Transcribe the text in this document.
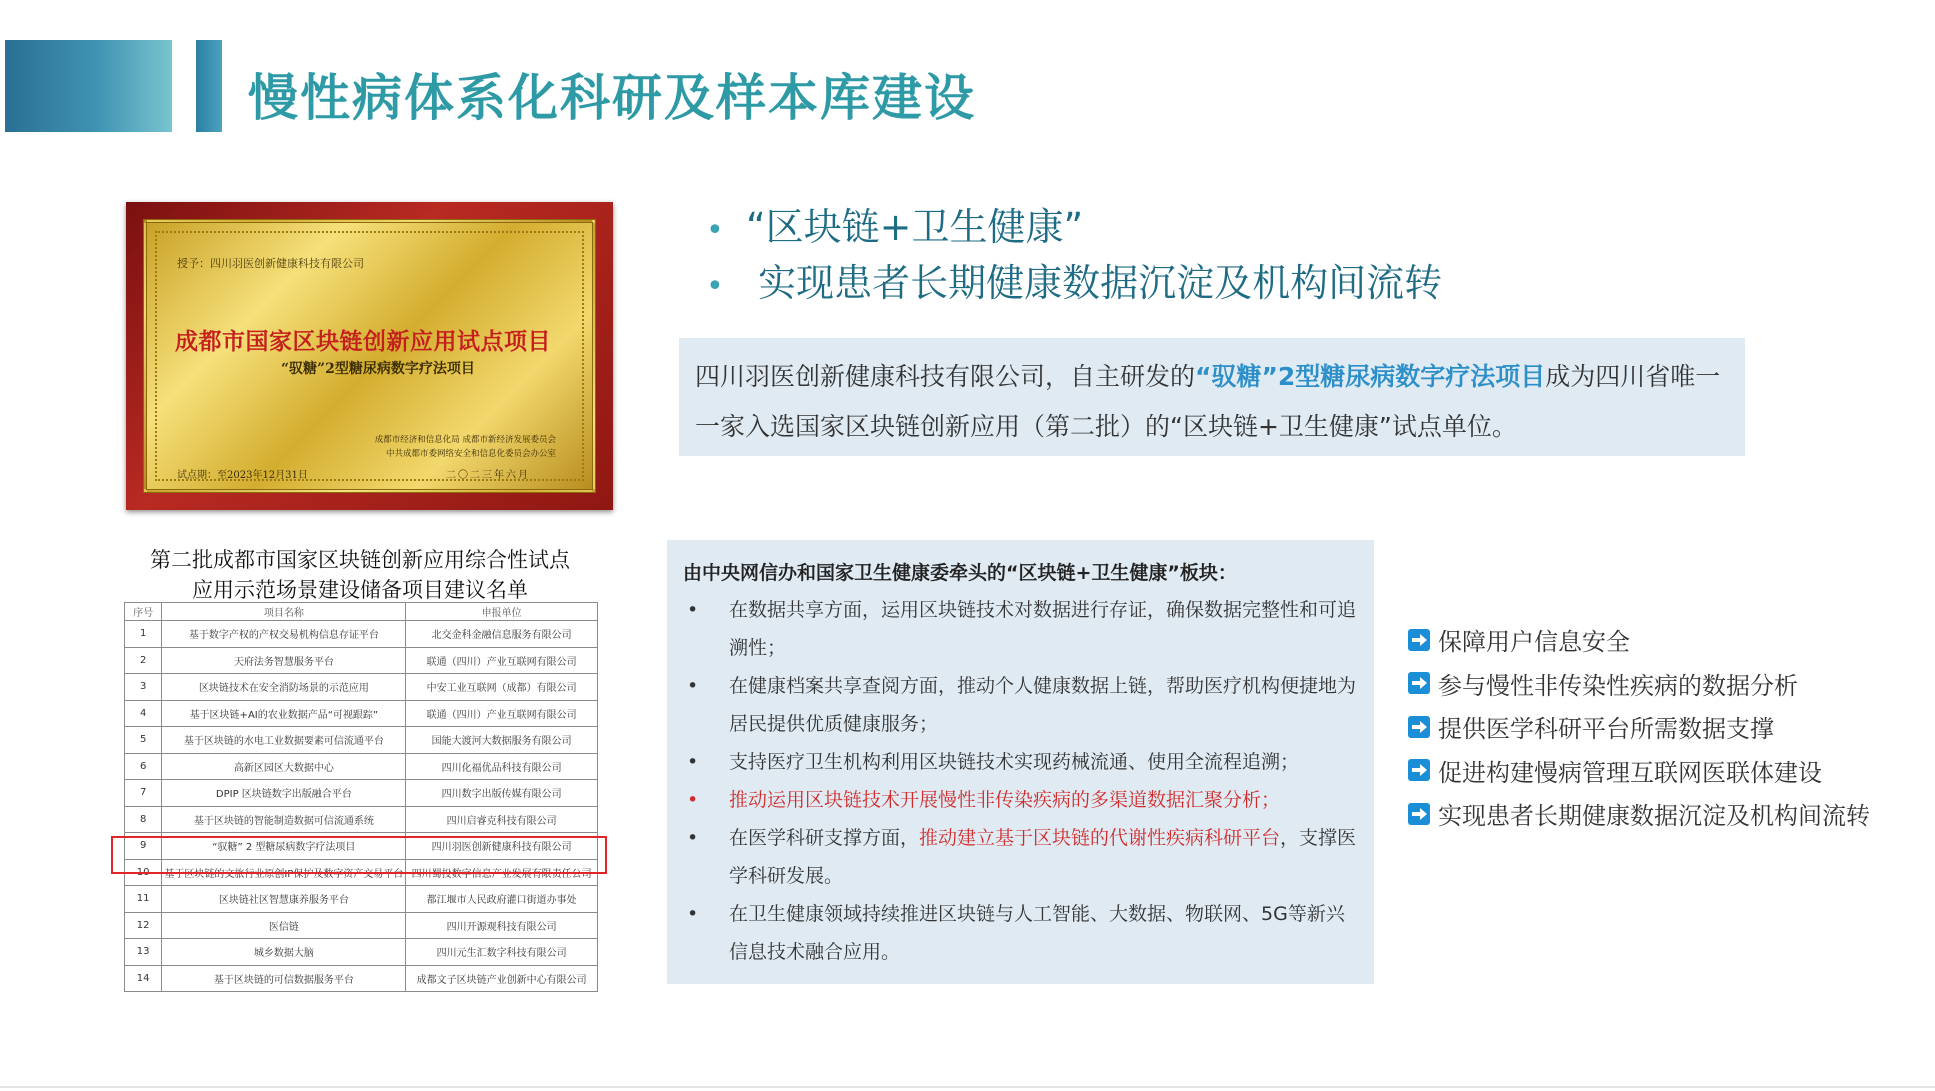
慢性病体系化科研及样本库建设
授予：四川羽医创新健康科技有限公司
成都市国家区块链创新应用试点项目
“驭糖”2型糖尿病数字疗法项目
成都市经济和信息化局 成都市新经济发展委员会
中共成都市委网络安全和信息化委员会办公室
试点期：至2023年12月31日	二〇二三年六月
第二批成都市国家区块链创新应用综合性试点
应用示范场景建设储备项目建议名单
序号	项目名称	申报单位
1	基于数字产权的产权交易机构信息存证平台	北交金科金融信息服务有限公司
2	天府法务智慧服务平台	联通（四川）产业互联网有限公司
3	区块链技术在安全消防场景的示范应用	中安工业互联网（成都）有限公司
4	基于区块链+AI的农业数据产品“可视跟踪”	联通（四川）产业互联网有限公司
5	基于区块链的水电工业数据要素可信流通平台	国能大渡河大数据服务有限公司
6	高新区园区大数据中心	四川化福优品科技有限公司
7	DPIP 区块链数字出版融合平台	四川数字出版传媒有限公司
8	基于区块链的智能制造数据可信流通系统	四川启睿克科技有限公司
9	“驭糖” 2 型糖尿病数字疗法项目	四川羽医创新健康科技有限公司
10	基于区块链的文旅行业原创IP保护及数字资产交易平台	四川蜀投数字信息产业发展有限责任公司
11	区块链社区智慧康养服务平台	都江堰市人民政府灌口街道办事处
12	医信链	四川开源观科技有限公司
13	城乡数据大脑	四川元生汇数字科技有限公司
14	基于区块链的可信数据服务平台	成都文子区块链产业创新中心有限公司
• “区块链+卫生健康”
• 实现患者长期健康数据沉淀及机构间流转
四川羽医创新健康科技有限公司，自主研发的“驭糖”2型糖尿病数字疗法项目成为四川省唯一一家入选国家区块链创新应用（第二批）的“区块链+卫生健康”试点单位。
由中央网信办和国家卫生健康委牵头的“区块链+卫生健康”板块：
• 在数据共享方面，运用区块链技术对数据进行存证，确保数据完整性和可追溯性；
• 在健康档案共享查阅方面，推动个人健康数据上链，帮助医疗机构便捷地为居民提供优质健康服务；
• 支持医疗卫生机构利用区块链技术实现药械流通、使用全流程追溯；
• 推动运用区块链技术开展慢性非传染疾病的多渠道数据汇聚分析；
• 在医学科研支撑方面，推动建立基于区块链的代谢性疾病科研平台，支撑医学科研发展。
• 在卫生健康领域持续推进区块链与人工智能、大数据、物联网、5G等新兴信息技术融合应用。
保障用户信息安全
参与慢性非传染性疾病的数据分析
提供医学科研平台所需数据支撑
促进构建慢病管理互联网医联体建设
实现患者长期健康数据沉淀及机构间流转
